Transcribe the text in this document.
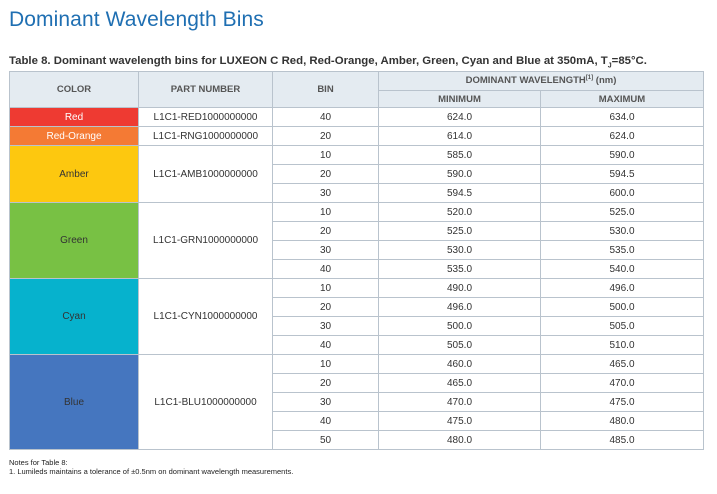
Dominant Wavelength Bins
Table 8. Dominant wavelength bins for LUXEON C Red, Red-Orange, Amber, Green, Cyan and Blue at 350mA, $T_J=85^\circ C$.
COLOR	PART NUMBER	BIN	DOMINANT WAVELENGTH[1] (nm)	
			MINIMUM	MAXIMUM
Red	L1C1-RED1000000000	40	624.0	634.0
Red-Orange	L1C1-RNG1000000000	20	614.0	624.0
Amber	L1C1-AMB1000000000	10	585.0	590.0
		20	590.0	594.5
		30	594.5	600.0
Green	L1C1-GRN1000000000	10	520.0	525.0
		20	525.0	530.0
		30	530.0	535.0
		40	535.0	540.0
Cyan	L1C1-CYN1000000000	10	490.0	496.0
		20	496.0	500.0
		30	500.0	505.0
		40	505.0	510.0
Blue	L1C1-BLU1000000000	10	460.0	465.0
		20	465.0	470.0
		30	470.0	475.0
		40	475.0	480.0
		50	480.0	485.0
Notes for Table 8:
1. Lumileds maintains a tolerance of ±0.5nm on dominant wavelength measurements.
